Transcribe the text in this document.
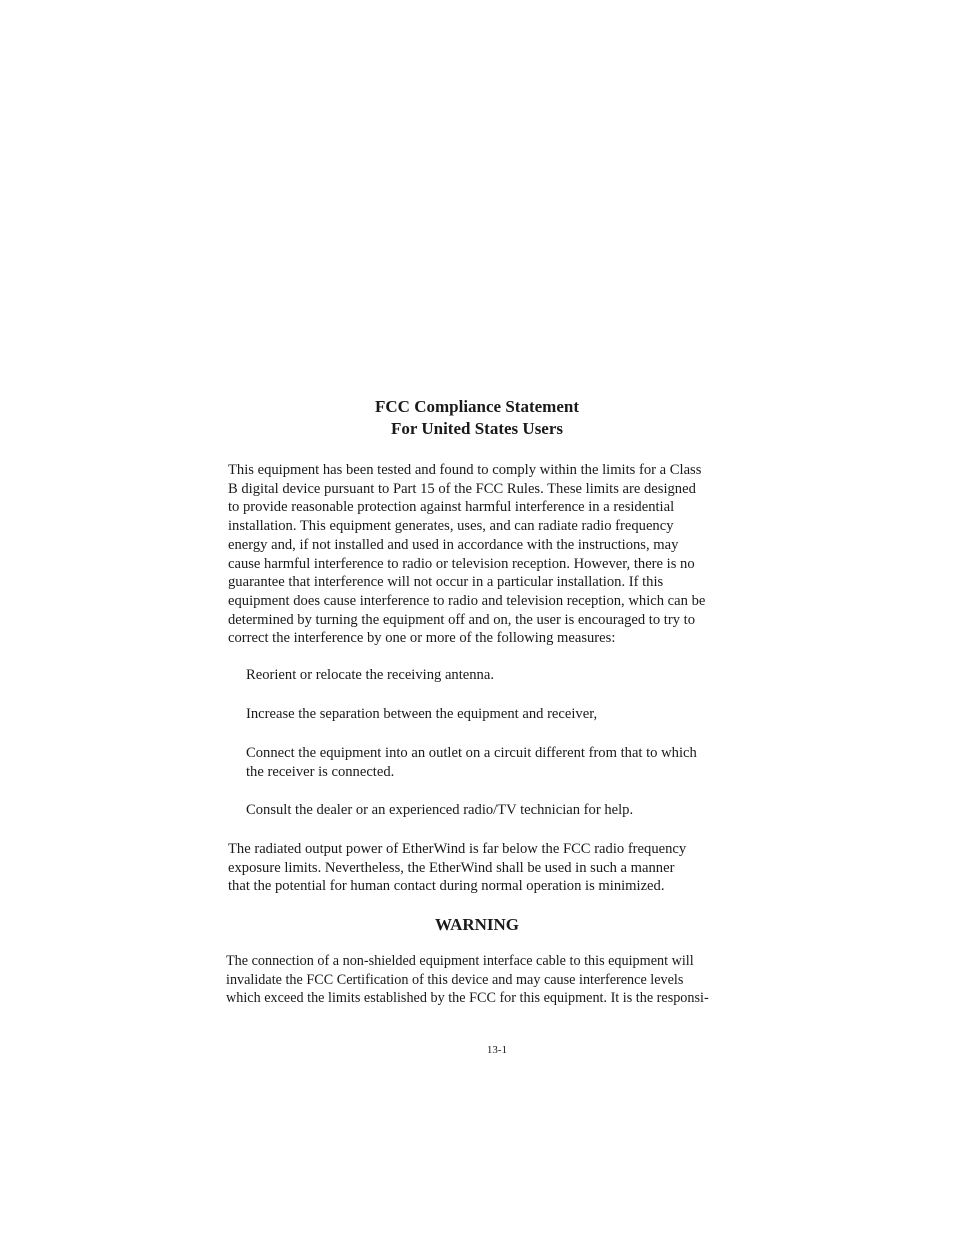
FCC Compliance Statement
For United States Users
This equipment has been tested and found to comply within the limits for a Class
B digital device pursuant to Part 15 of the FCC Rules. These limits are designed
to provide reasonable protection against harmful interference in a residential
installation. This equipment generates, uses, and can radiate radio frequency
energy and, if not installed and used in accordance with the instructions, may
cause harmful interference to radio or television reception. However, there is no
guarantee that interference will not occur in a particular installation. If this
equipment does cause interference to radio and television reception, which can be
determined by turning the equipment off and on, the user is encouraged to try to
correct the interference by one or more of the following measures:
Reorient or relocate the receiving antenna.
Increase the separation between the equipment and receiver,
Connect the equipment into an outlet on a circuit different from that to which
the receiver is connected.
Consult the dealer or an experienced radio/TV technician for help.
The radiated output power of EtherWind is far below the FCC radio frequency
exposure limits. Nevertheless, the EtherWind shall be used in such a manner
that the potential for human contact during normal operation is minimized.
WARNING
The connection of a non-shielded equipment interface cable to this equipment will
invalidate the FCC Certification of this device and may cause interference levels
which exceed the limits established by the FCC for this equipment. It is the responsi-
13-1
